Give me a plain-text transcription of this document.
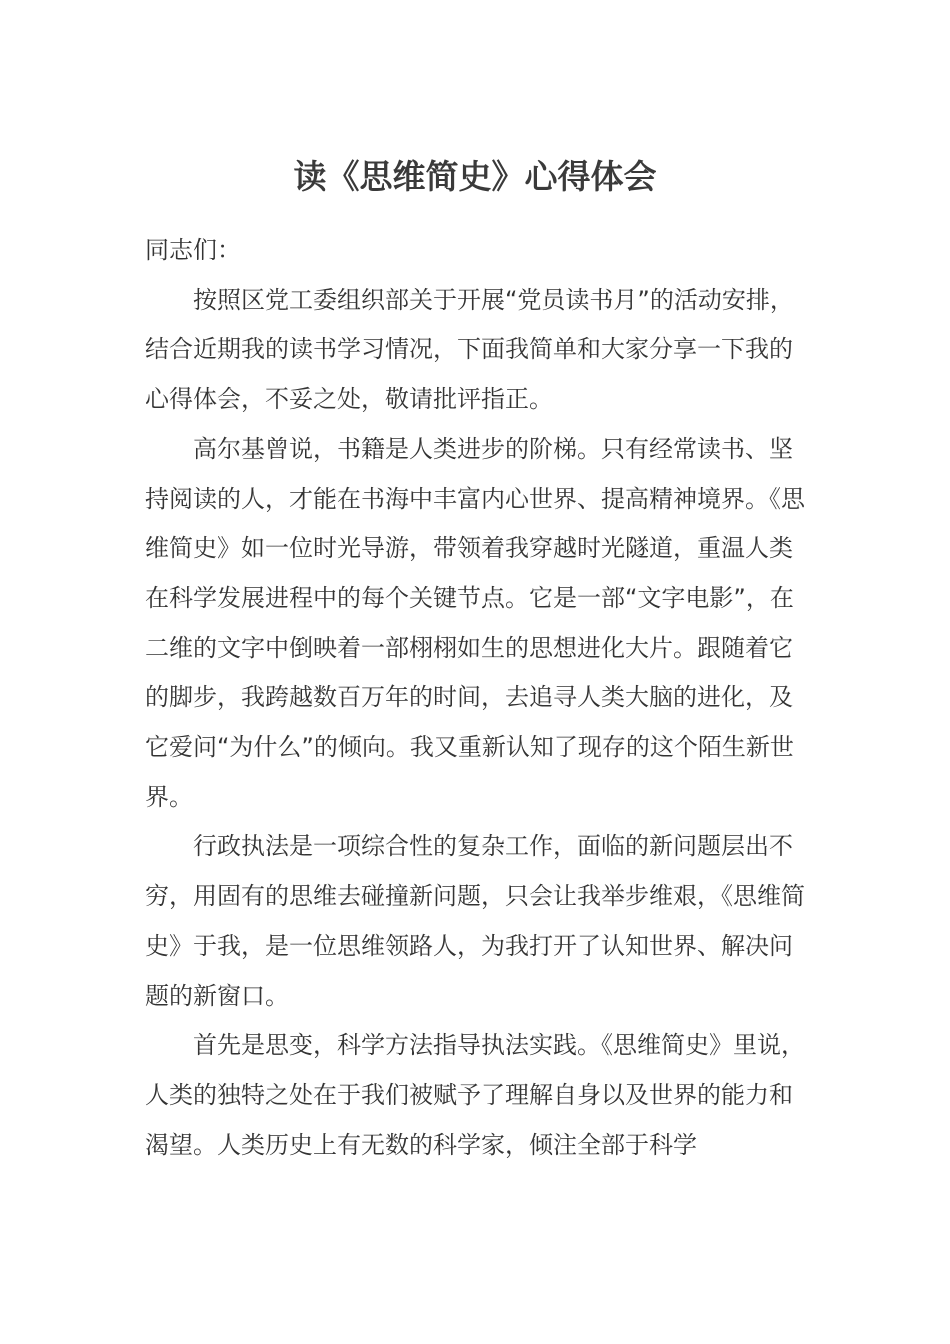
读《思维简史》心得体会

同志们：

按照区党工委组织部关于开展“党员读书月”的活动安排，结合近期我的读书学习情况，下面我简单和大家分享一下我的心得体会，不妥之处，敬请批评指正。

高尔基曾说，书籍是人类进步的阶梯。只有经常读书、坚持阅读的人，才能在书海中丰富内心世界、提高精神境界。《思维简史》如一位时光导游，带领着我穿越时光隧道，重温人类在科学发展进程中的每个关键节点。它是一部“文字电影”，在二维的文字中倒映着一部栩栩如生的思想进化大片。跟随着它的脚步，我跨越数百万年的时间，去追寻人类大脑的进化，及它爱问“为什么”的倾向。我又重新认知了现存的这个陌生新世界。

行政执法是一项综合性的复杂工作，面临的新问题层出不穷，用固有的思维去碰撞新问题，只会让我举步维艰，《思维简史》于我，是一位思维领路人，为我打开了认知世界、解决问题的新窗口。

首先是思变，科学方法指导执法实践。《思维简史》里说，人类的独特之处在于我们被赋予了理解自身以及世界的能力和渴望。人类历史上有无数的科学家，倾注全部于科学
